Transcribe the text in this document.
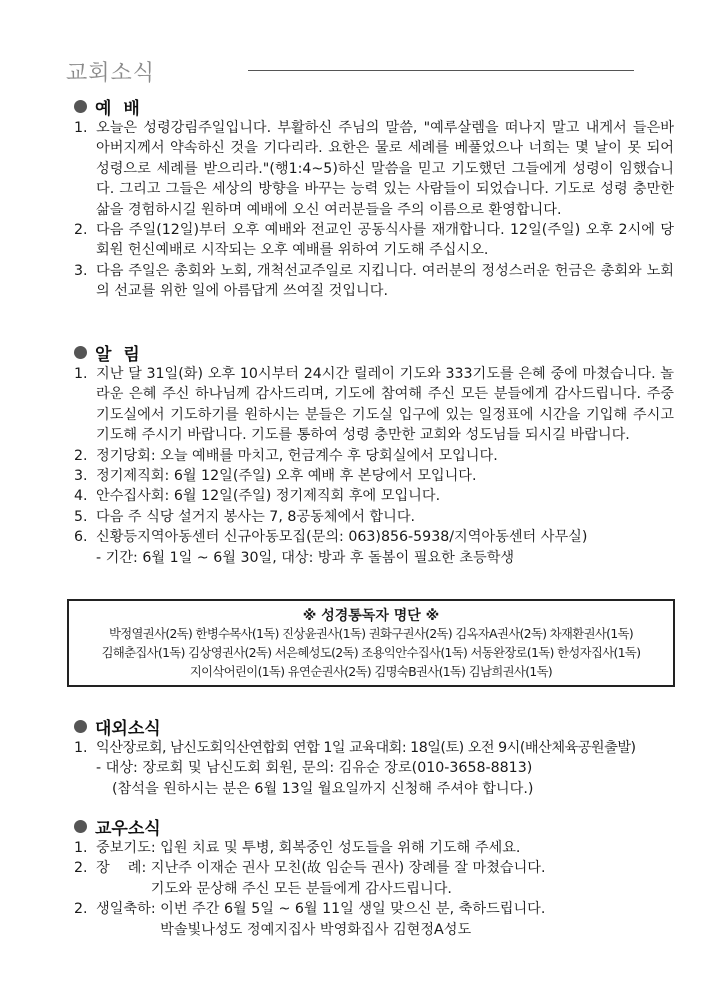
교회소식
예 배
1. 오늘은 성령강림주일입니다. 부활하신 주님의 말씀, "예루살렘을 떠나지 말고 내게서 들은바 아버지께서 약속하신 것을 기다리라. 요한은 물로 세례를 베풀었으나 너희는 몇 날이 못 되어 성령으로 세례를 받으리라."(행1:4~5)하신 말씀을 믿고 기도했던 그들에게 성령이 임했습니다. 그리고 그들은 세상의 방향을 바꾸는 능력 있는 사람들이 되었습니다. 기도로 성령 충만한 삶을 경험하시길 원하며 예배에 오신 여러분들을 주의 이름으로 환영합니다.
2. 다음 주일(12일)부터 오후 예배와 전교인 공동식사를 재개합니다. 12일(주일) 오후 2시에 당회원 헌신예배로 시작되는 오후 예배를 위하여 기도해 주십시오.
3. 다음 주일은 총회와 노회, 개척선교주일로 지킵니다. 여러분의 정성스러운 헌금은 총회와 노회의 선교를 위한 일에 아름답게 쓰여질 것입니다.
알 림
1. 지난 달 31일(화) 오후 10시부터 24시간 릴레이 기도와 333기도를 은혜 중에 마쳤습니다. 놀라운 은혜 주신 하나님께 감사드리며, 기도에 참여해 주신 모든 분들에게 감사드립니다. 주중 기도실에서 기도하기를 원하시는 분들은 기도실 입구에 있는 일정표에 시간을 기입해 주시고 기도해 주시기 바랍니다. 기도를 통하여 성령 충만한 교회와 성도님들 되시길 바랍니다.
2. 정기당회: 오늘 예배를 마치고, 헌금계수 후 당회실에서 모입니다.
3. 정기제직회: 6월 12일(주일) 오후 예배 후 본당에서 모입니다.
4. 안수집사회: 6월 12일(주일) 정기제직회 후에 모입니다.
5. 다음 주 식당 설거지 봉사는 7, 8공동체에서 합니다.
6. 신황등지역아동센터 신규아동모집(문의: 063)856-5938/지역아동센터 사무실)
- 기간: 6월 1일 ~ 6월 30일, 대상: 방과 후 돌봄이 필요한 초등학생
※ 성경통독자 명단 ※
박정열권사(2독) 한병수목사(1독) 진상윤권사(1독) 권화구권사(2독) 김옥자A권사(2독) 차재환권사(1독)
김해춘집사(1독) 김상영권사(2독) 서은혜성도(2독) 조용익안수집사(1독) 서동완장로(1독) 한성자집사(1독)
지이삭어린이(1독) 유연순권사(2독) 김명숙B권사(1독) 김남희권사(1독)
대외소식
1. 익산장로회, 남신도회익산연합회 연합 1일 교육대회: 18일(토) 오전 9시(배산체육공원출발)
- 대상: 장로회 및 남신도회 회원, 문의: 김유순 장로(010-3658-8813)
(참석을 원하시는 분은 6월 13일 월요일까지 신청해 주셔야 합니다.)
교우소식
1. 중보기도: 입원 치료 및 투병, 회복중인 성도들을 위해 기도해 주세요.
2. 장    례: 지난주 이재순 권사 모친(故 임순득 권사) 장례를 잘 마쳤습니다.
기도와 문상해 주신 모든 분들에게 감사드립니다.
2. 생일축하: 이번 주간 6월 5일 ~ 6월 11일 생일 맞으신 분, 축하드립니다.
박솔빛나성도 정예지집사 박영화집사 김현정A성도
